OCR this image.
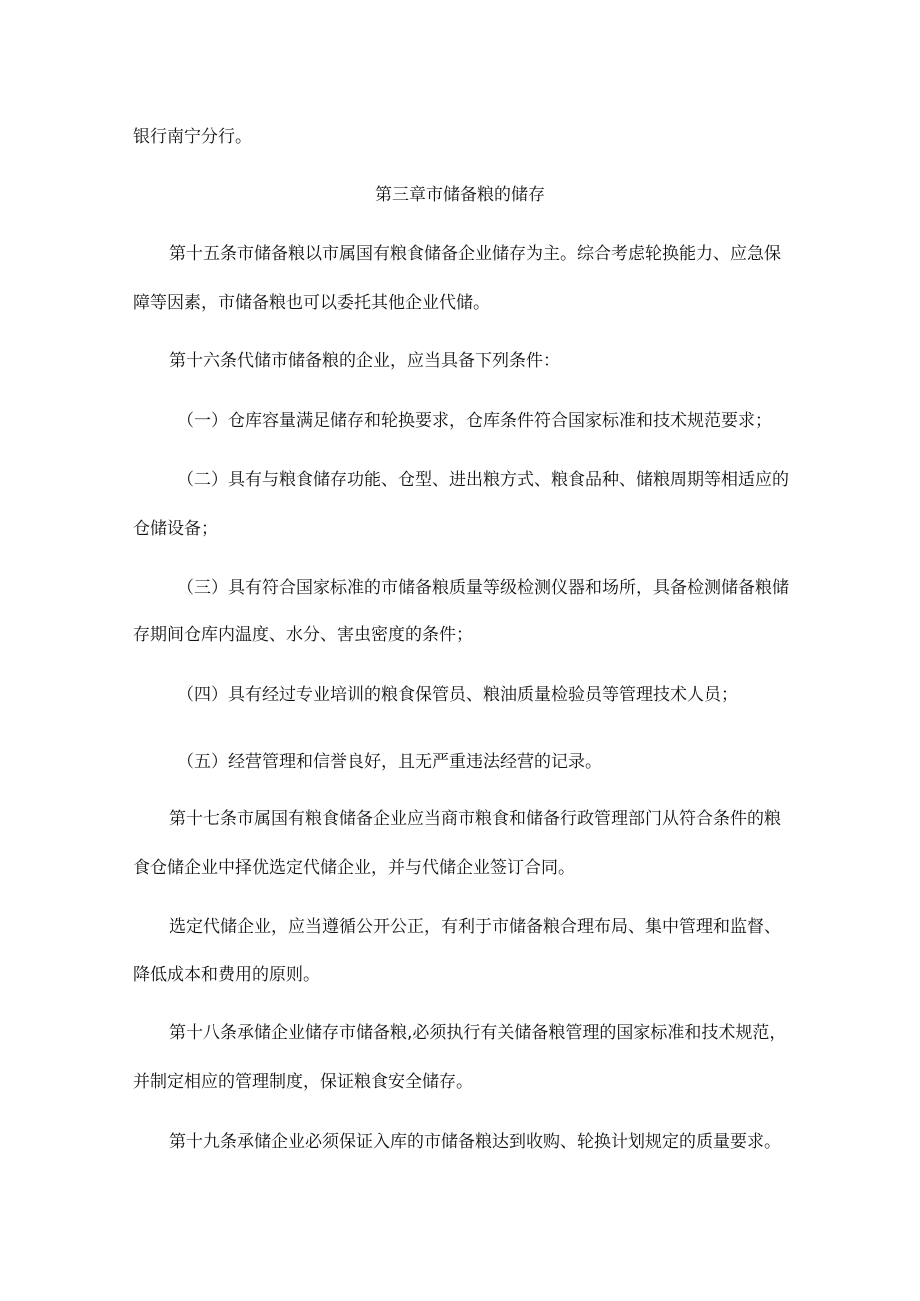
银行南宁分行。
第三章市储备粮的储存
第十五条市储备粮以市属国有粮食储备企业储存为主。综合考虑轮换能力、应急保
障等因素，市储备粮也可以委托其他企业代储。
第十六条代储市储备粮的企业，应当具备下列条件：
（一）仓库容量满足储存和轮换要求，仓库条件符合国家标准和技术规范要求；
（二）具有与粮食储存功能、仓型、进出粮方式、粮食品种、储粮周期等相适应的
仓储设备；
（三）具有符合国家标准的市储备粮质量等级检测仪器和场所，具备检测储备粮储
存期间仓库内温度、水分、害虫密度的条件；
（四）具有经过专业培训的粮食保管员、粮油质量检验员等管理技术人员；
（五）经营管理和信誉良好，且无严重违法经营的记录。
第十七条市属国有粮食储备企业应当商市粮食和储备行政管理部门从符合条件的粮
食仓储企业中择优选定代储企业，并与代储企业签订合同。
选定代储企业，应当遵循公开公正，有利于市储备粮合理布局、集中管理和监督、
降低成本和费用的原则。
第十八条承储企业储存市储备粮,必须执行有关储备粮管理的国家标准和技术规范，
并制定相应的管理制度，保证粮食安全储存。
第十九条承储企业必须保证入库的市储备粮达到收购、轮换计划规定的质量要求。
